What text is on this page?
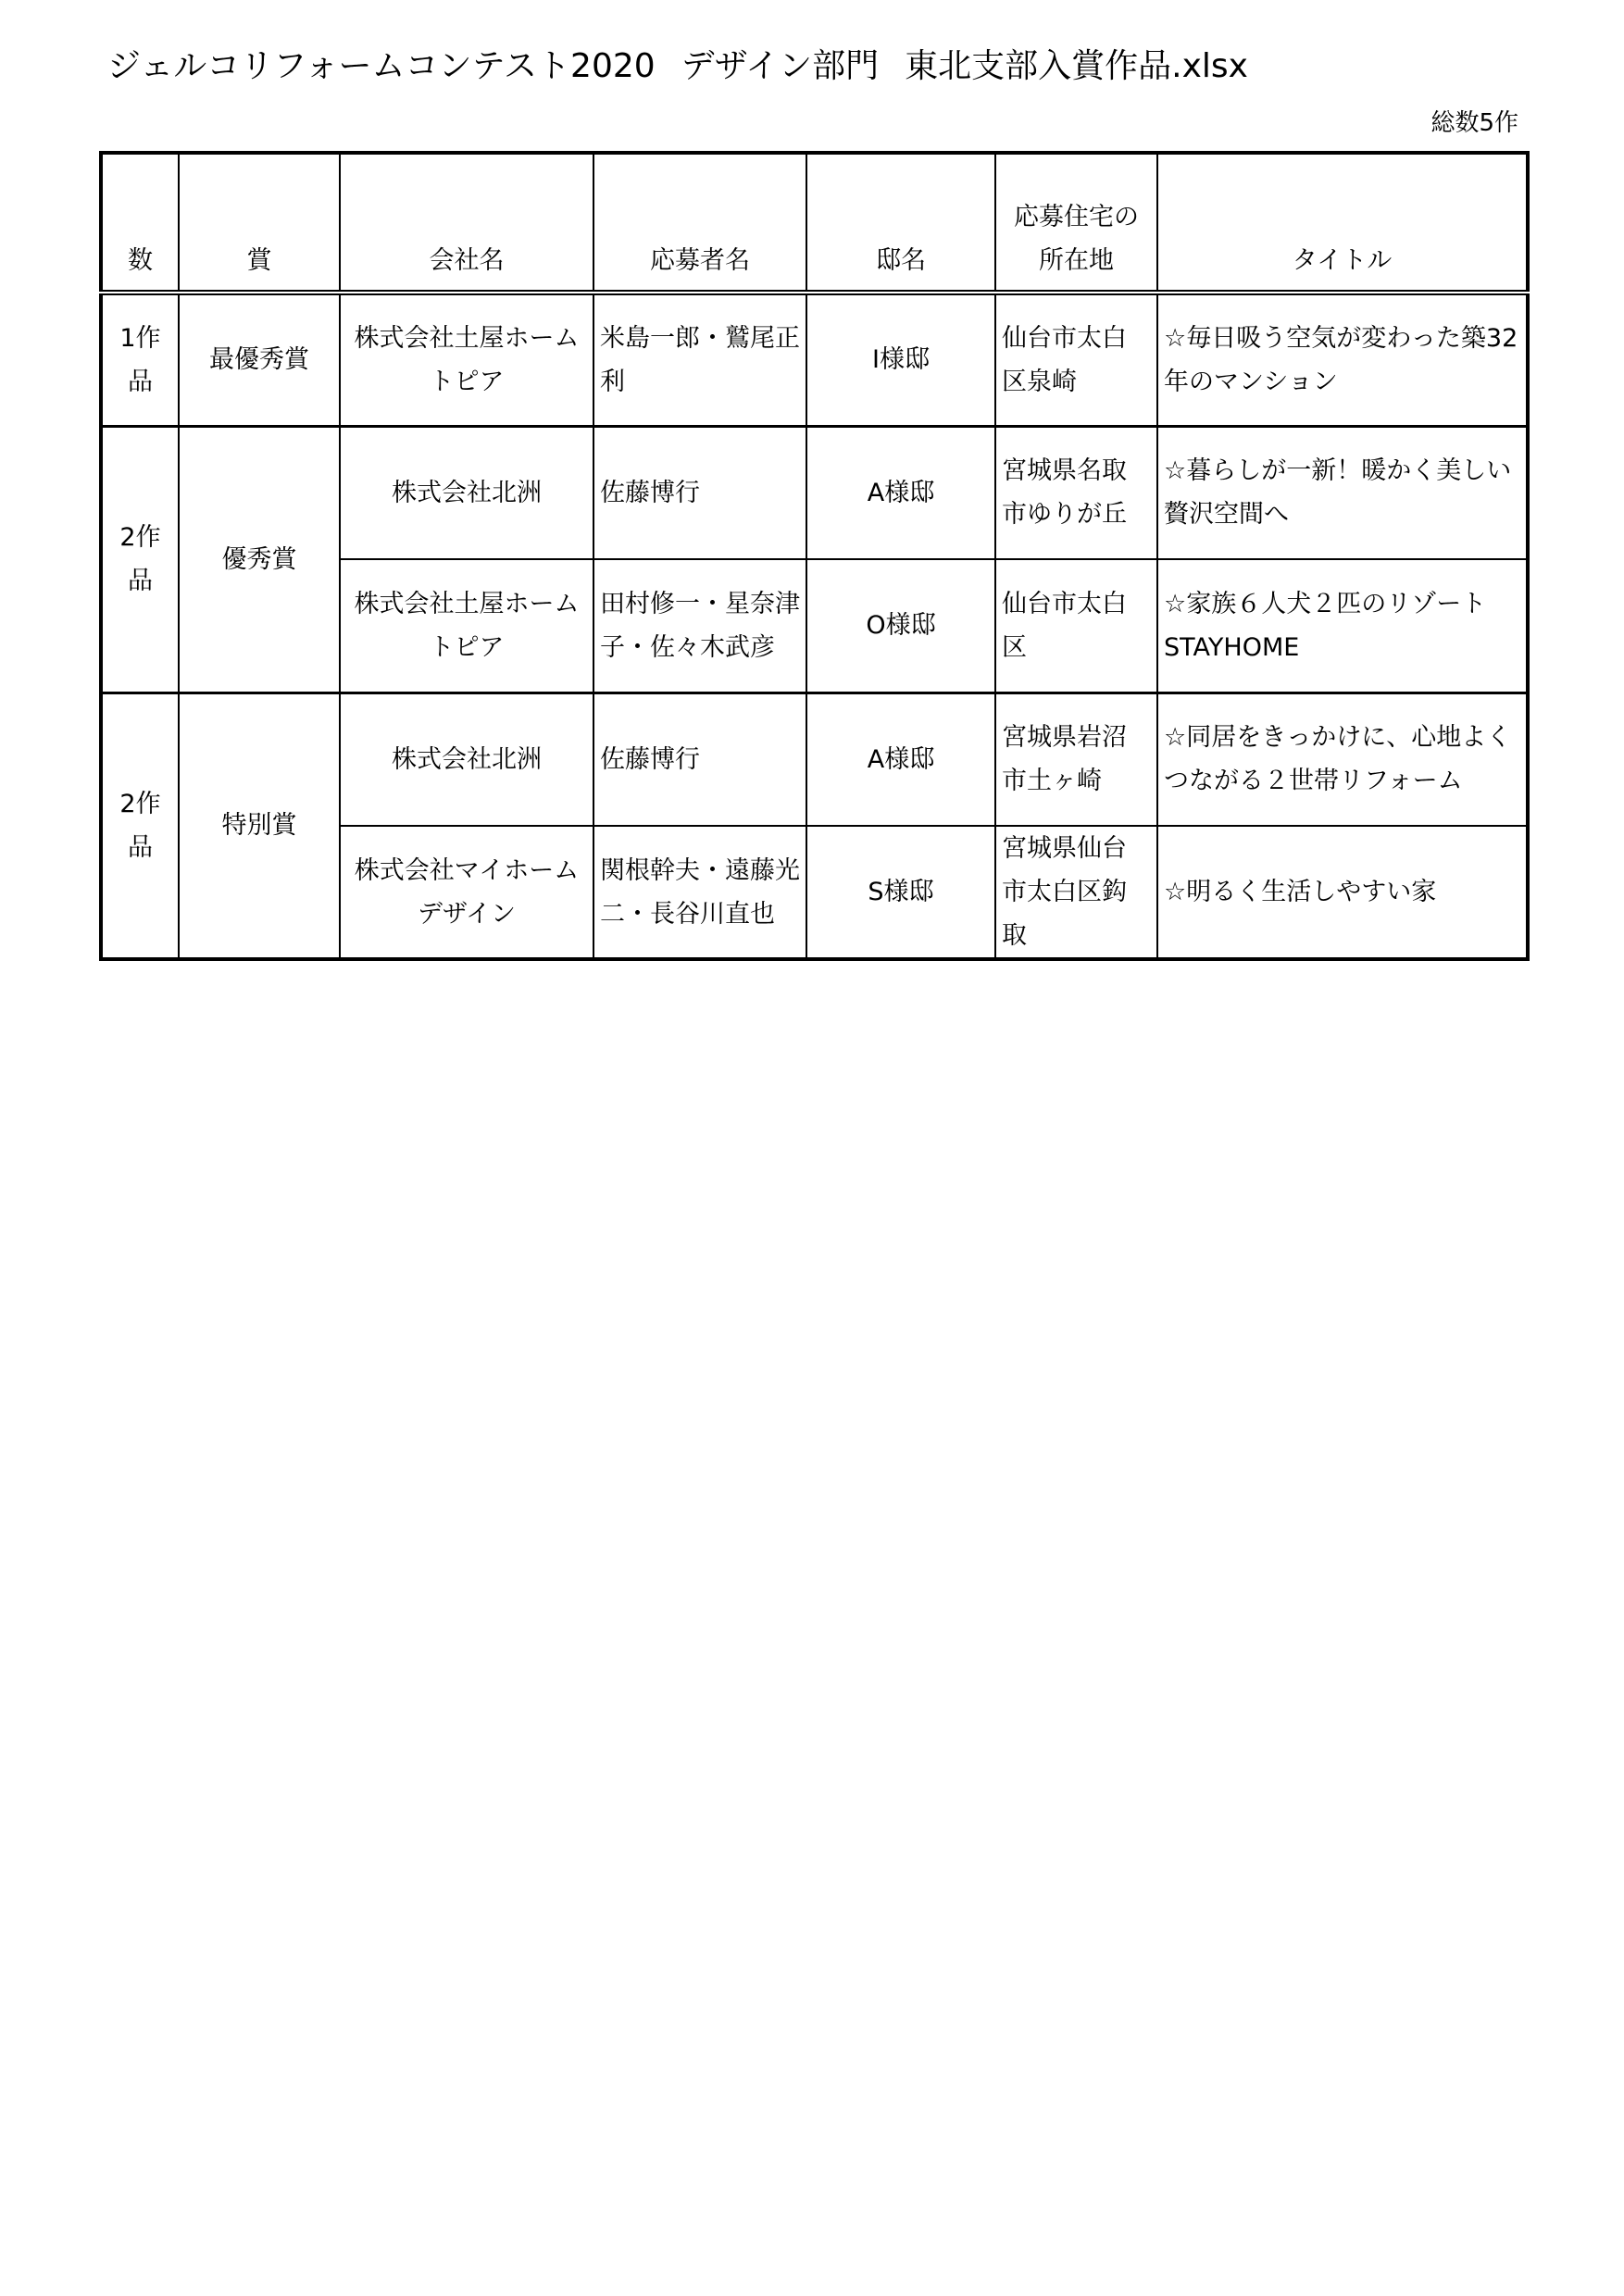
ジェルコリフォームコンテスト2020 デザイン部門 東北支部入賞作品.xlsx
総数5作
数	賞	会社名	応募者名	邸名	応募住宅の所在地	タイトル
1作品	最優秀賞	株式会社土屋ホームトピア	米島一郎・鷲尾正利	I様邸	仙台市太白区泉崎	☆毎日吸う空気が変わった築32年のマンション
2作品	優秀賞	株式会社北洲	佐藤博行	A様邸	宮城県名取市ゆりが丘	☆暮らしが一新！暖かく美しい贅沢空間へ
		株式会社土屋ホームトピア	田村修一・星奈津子・佐々木武彦	O様邸	仙台市太白区	☆家族６人犬２匹のリゾートSTAYHOME
2作品	特別賞	株式会社北洲	佐藤博行	A様邸	宮城県岩沼市土ヶ崎	☆同居をきっかけに、心地よくつながる２世帯リフォーム
		株式会社マイホームデザイン	関根幹夫・遠藤光二・長谷川直也	S様邸	宮城県仙台市太白区鈎取	☆明るく生活しやすい家
